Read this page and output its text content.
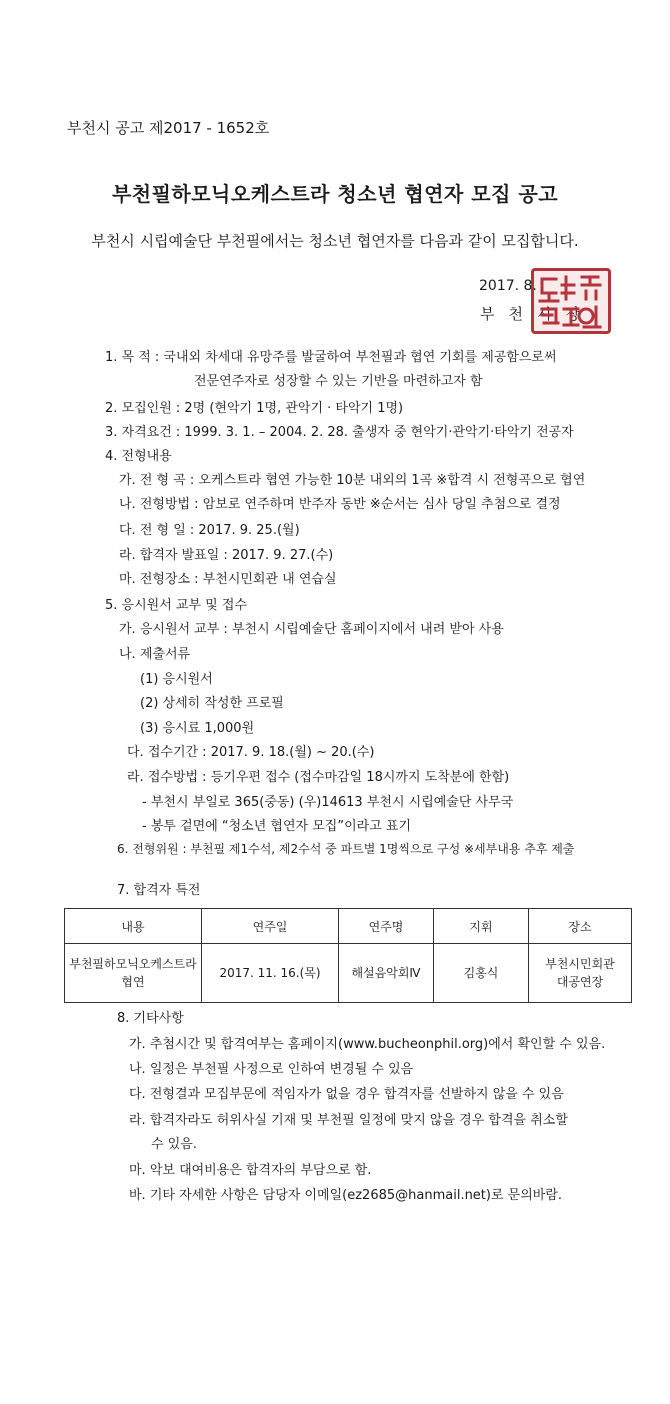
부천시 공고 제2017 - 1652호
부천필하모닉오케스트라 청소년 협연자 모집 공고
부천시 시립예술단 부천필에서는 청소년 협연자를 다음과 같이 모집합니다.
2017. 8.
부천시장
1. 목 적 : 국내외 차세대 유망주를 발굴하여 부천필과 협연 기회를 제공함으로써
전문연주자로 성장할 수 있는 기반을 마련하고자 함
2. 모집인원 : 2명 (현악기 1명, 관악기 · 타악기 1명)
3. 자격요건 : 1999. 3. 1. – 2004. 2. 28. 출생자 중 현악기·관악기·타악기 전공자
4. 전형내용
가. 전 형 곡 : 오케스트라 협연 가능한 10분 내외의 1곡 ※합격 시 전형곡으로 협연
나. 전형방법 : 암보로 연주하며 반주자 동반 ※순서는 심사 당일 추첨으로 결정
다. 전 형 일 : 2017. 9. 25.(월)
라. 합격자 발표일 : 2017. 9. 27.(수)
마. 전형장소 : 부천시민회관 내 연습실
5. 응시원서 교부 및 접수
가. 응시원서 교부 : 부천시 시립예술단 홈페이지에서 내려 받아 사용
나. 제출서류
(1) 응시원서
(2) 상세히 작성한 프로필
(3) 응시료 1,000원
다. 접수기간 : 2017. 9. 18.(월) ~ 20.(수)
라. 접수방법 : 등기우편 접수 (접수마감일 18시까지 도착분에 한함)
- 부천시 부일로 365(중동) (우)14613 부천시 시립예술단 사무국
- 봉투 겉면에 “청소년 협연자 모집”이라고 표기
6. 전형위원 : 부천필 제1수석, 제2수석 중 파트별 1명씩으로 구성 ※세부내용 추후 제출
7. 합격자 특전
내용	연주일	연주명	지휘	장소
부천필하모닉오케스트라
협연	2017. 11. 16.(목)	해설음악회Ⅳ	김홍식	부천시민회관
대공연장
8. 기타사항
가. 추첨시간 및 합격여부는 홈페이지(www.bucheonphil.org)에서 확인할 수 있음.
나. 일정은 부천필 사정으로 인하여 변경될 수 있음
다. 전형결과 모집부문에 적임자가 없을 경우 합격자를 선발하지 않을 수 있음
라. 합격자라도 허위사실 기재 및 부천필 일정에 맞지 않을 경우 합격을 취소할
수 있음.
마. 악보 대여비용은 합격자의 부담으로 함.
바. 기타 자세한 사항은 담당자 이메일(ez2685@hanmail.net)로 문의바람.
